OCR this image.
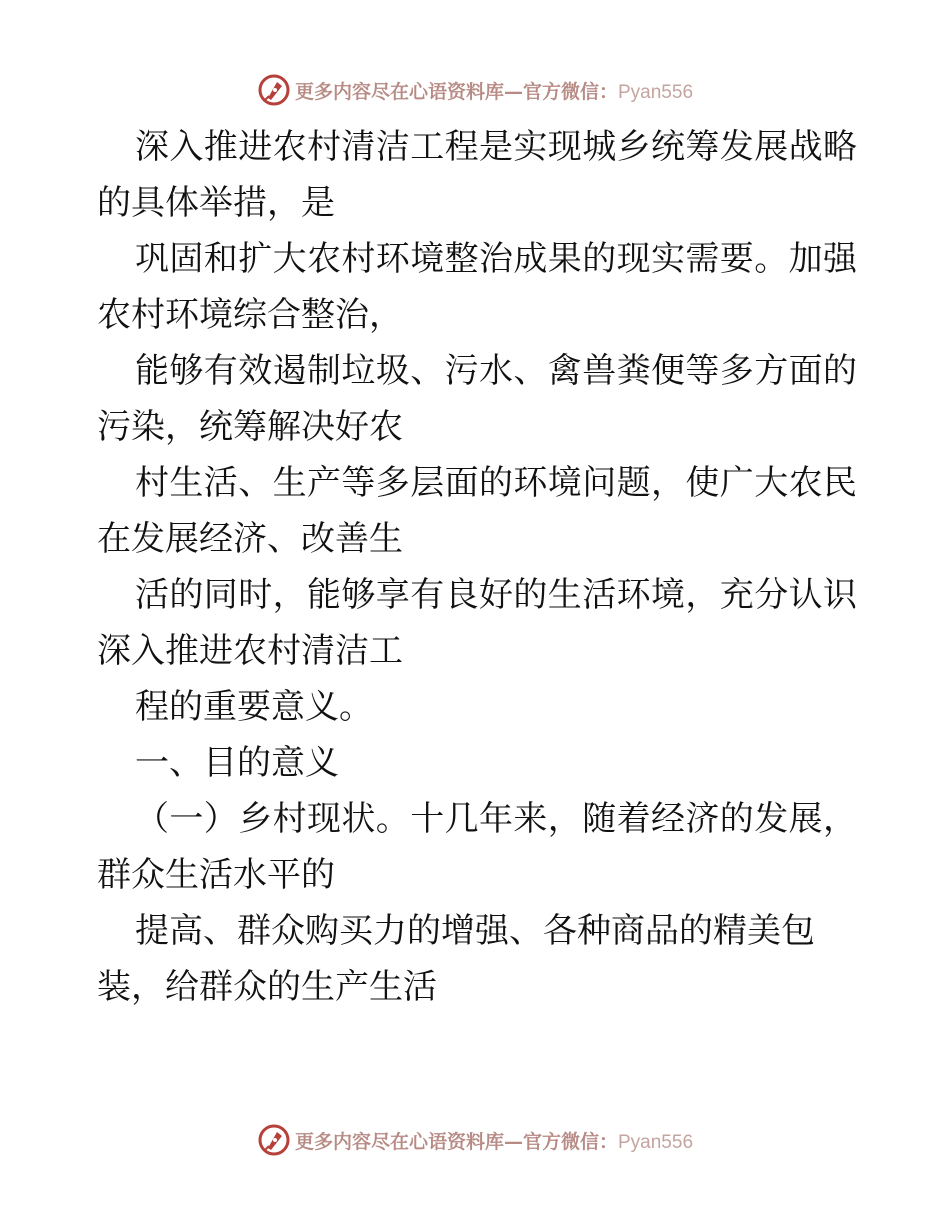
更多内容尽在心语资料库—官方微信：Pyan556
深入推进农村清洁工程是实现城乡统筹发展战略
的具体举措，是
巩固和扩大农村环境整治成果的现实需要。加强
农村环境综合整治，
能够有效遏制垃圾、污水、禽兽粪便等多方面的
污染，统筹解决好农
村生活、生产等多层面的环境问题，使广大农民
在发展经济、改善生
活的同时，能够享有良好的生活环境，充分认识
深入推进农村清洁工
程的重要意义。
一、目的意义
（一）乡村现状。十几年来，随着经济的发展，
群众生活水平的
提高、群众购买力的增强、各种商品的精美包
装，给群众的生产生活
更多内容尽在心语资料库—官方微信：Pyan556
